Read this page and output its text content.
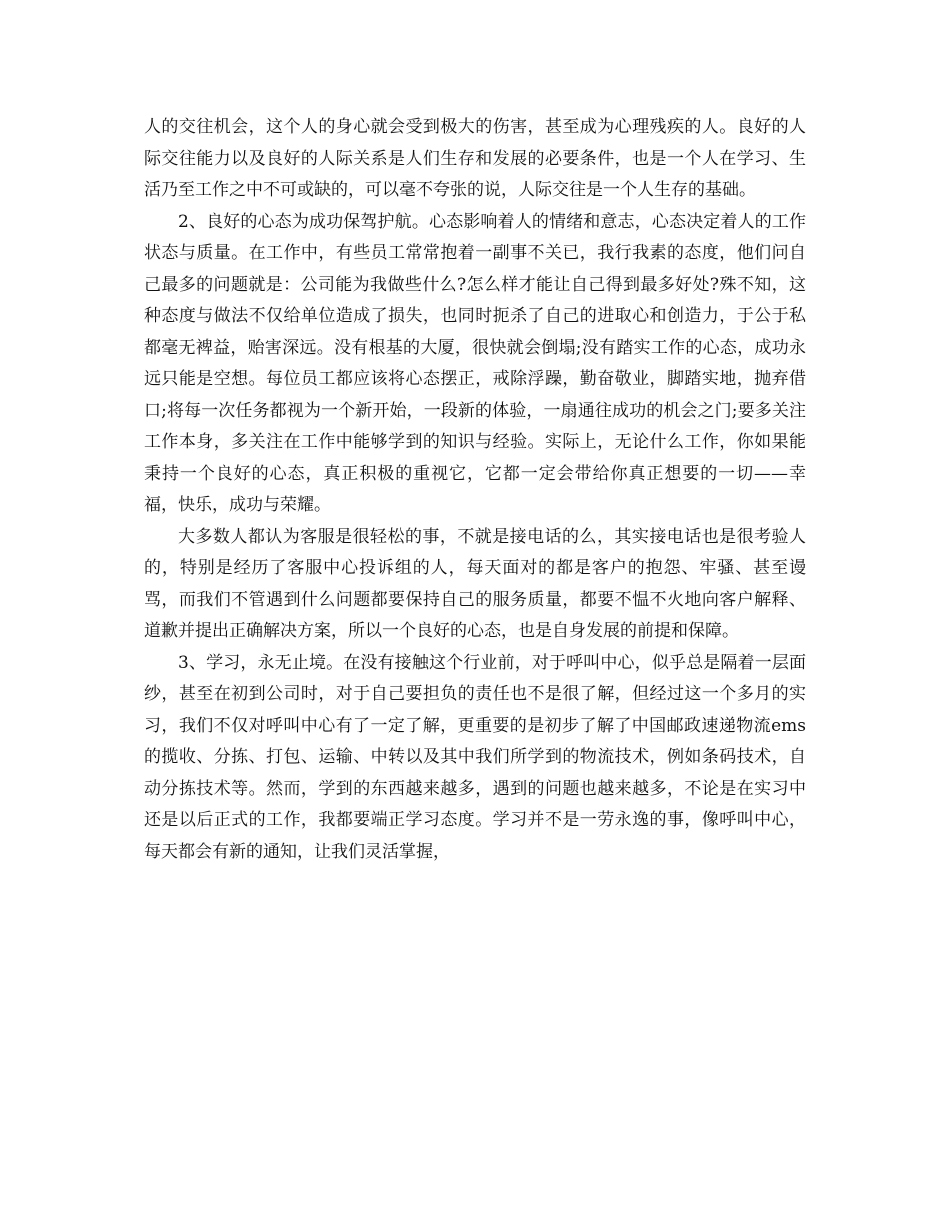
人的交往机会，这个人的身心就会受到极大的伤害，甚至成为心理残疾的人。良好的人际交往能力以及良好的人际关系是人们生存和发展的必要条件，也是一个人在学习、生活乃至工作之中不可或缺的，可以毫不夸张的说，人际交往是一个人生存的基础。

2、良好的心态为成功保驾护航。心态影响着人的情绪和意志，心态决定着人的工作状态与质量。在工作中，有些员工常常抱着一副事不关已，我行我素的态度，他们问自己最多的问题就是：公司能为我做些什么?怎么样才能让自己得到最多好处?殊不知，这种态度与做法不仅给单位造成了损失，也同时扼杀了自己的进取心和创造力，于公于私都毫无裨益，贻害深远。没有根基的大厦，很快就会倒塌;没有踏实工作的心态，成功永远只能是空想。每位员工都应该将心态摆正，戒除浮躁，勤奋敬业，脚踏实地，抛弃借口;将每一次任务都视为一个新开始，一段新的体验，一扇通往成功的机会之门;要多关注工作本身，多关注在工作中能够学到的知识与经验。实际上，无论什么工作，你如果能秉持一个良好的心态，真正积极的重视它，它都一定会带给你真正想要的一切——幸福，快乐，成功与荣耀。

大多数人都认为客服是很轻松的事，不就是接电话的么，其实接电话也是很考验人的，特别是经历了客服中心投诉组的人，每天面对的都是客户的抱怨、牢骚、甚至谩骂，而我们不管遇到什么问题都要保持自己的服务质量，都要不愠不火地向客户解释、道歉并提出正确解决方案，所以一个良好的心态，也是自身发展的前提和保障。

3、学习，永无止境。在没有接触这个行业前，对于呼叫中心，似乎总是隔着一层面纱，甚至在初到公司时，对于自己要担负的责任也不是很了解，但经过这一个多月的实习，我们不仅对呼叫中心有了一定了解，更重要的是初步了解了中国邮政速递物流ems的揽收、分拣、打包、运输、中转以及其中我们所学到的物流技术，例如条码技术，自动分拣技术等。然而，学到的东西越来越多，遇到的问题也越来越多，不论是在实习中还是以后正式的工作，我都要端正学习态度。学习并不是一劳永逸的事，像呼叫中心，每天都会有新的通知，让我们灵活掌握，
